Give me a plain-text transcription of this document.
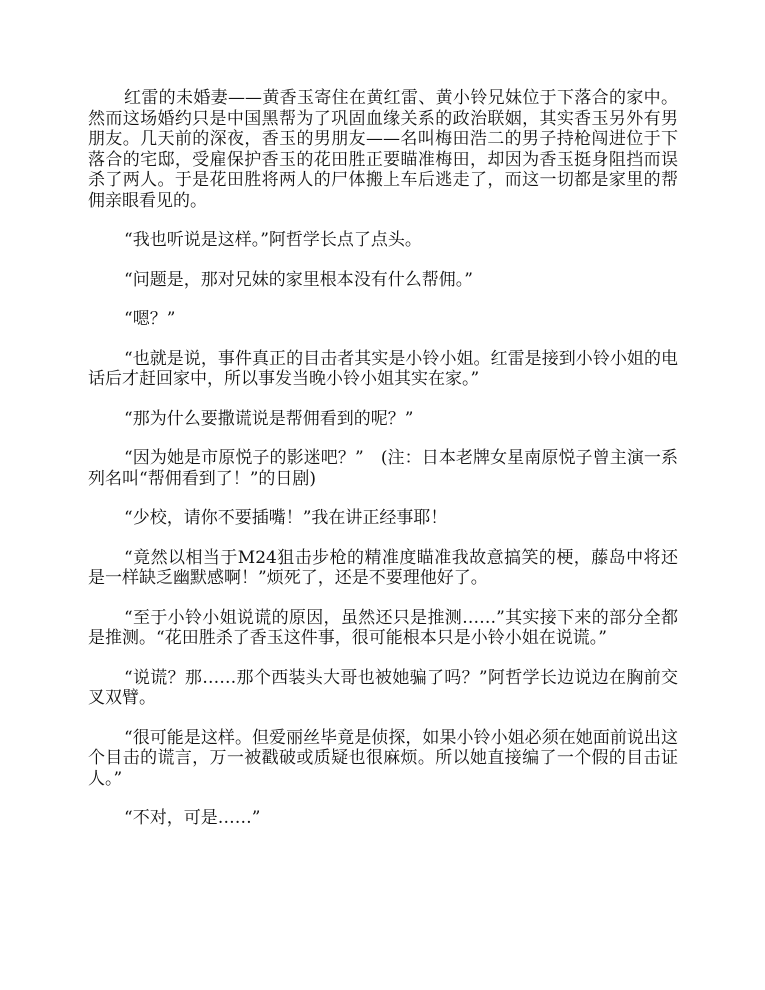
红雷的未婚妻——黄香玉寄住在黄红雷、黄小铃兄妹位于下落合的家中。然而这场婚约只是中国黑帮为了巩固血缘关系的政治联姻，其实香玉另外有男朋友。几天前的深夜，香玉的男朋友——名叫梅田浩二的男子持枪闯进位于下落合的宅邸，受雇保护香玉的花田胜正要瞄准梅田，却因为香玉挺身阻挡而误杀了两人。于是花田胜将两人的尸体搬上车后逃走了，而这一切都是家里的帮佣亲眼看见的。

“我也听说是这样。”阿哲学长点了点头。

“问题是，那对兄妹的家里根本没有什么帮佣。”

“嗯？”

“也就是说，事件真正的目击者其实是小铃小姐。红雷是接到小铃小姐的电话后才赶回家中，所以事发当晚小铃小姐其实在家。”

“那为什么要撒谎说是帮佣看到的呢？”

“因为她是市原悦子的影迷吧？”　(注：日本老牌女星南原悦子曾主演一系列名叫“帮佣看到了！”的日剧)

“少校，请你不要插嘴！”我在讲正经事耶！

“竟然以相当于M24狙击步枪的精准度瞄准我故意搞笑的梗，藤岛中将还是一样缺乏幽默感啊！”烦死了，还是不要理他好了。

“至于小铃小姐说谎的原因，虽然还只是推测……”其实接下来的部分全都是推测。“花田胜杀了香玉这件事，很可能根本只是小铃小姐在说谎。”

“说谎？那……那个西装头大哥也被她骗了吗？”阿哲学长边说边在胸前交叉双臂。

“很可能是这样。但爱丽丝毕竟是侦探，如果小铃小姐必须在她面前说出这个目击的谎言，万一被戳破或质疑也很麻烦。所以她直接编了一个假的目击证人。”

“不对，可是……”
